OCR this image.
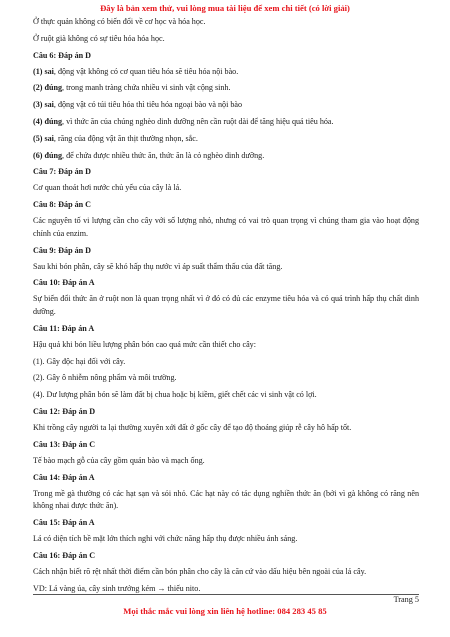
Đây là bản xem thử, vui lòng mua tài liệu để xem chi tiết (có lời giải)

Ở thực quản không có biến đổi về cơ học và hóa học.

Ở ruột già không có sự tiêu hóa hóa học.

Câu 6: Đáp án D

(1) sai, động vật không có cơ quan tiêu hóa sẽ tiêu hóa nội bào.

(2) đúng, trong manh tràng chứa nhiều vi sinh vật cộng sinh.

(3) sai, động vật có túi tiêu hóa thì tiêu hóa ngoại bào và nội bào

(4) đúng, vì thức ăn của chúng nghèo dinh dưỡng nên cần ruột dài để tăng hiệu quả tiêu hóa.

(5) sai, răng của động vật ăn thịt thường nhọn, sắc.

(6) đúng, để chứa được nhiều thức ăn, thức ăn là cỏ nghèo dinh dưỡng.

Câu 7: Đáp án D

Cơ quan thoát hơi nước chủ yếu của cây là lá.

Câu 8: Đáp án C

Các nguyên tố vi lượng cần cho cây với số lượng nhỏ, nhưng có vai trò quan trọng vì chúng tham gia vào hoạt động chính của enzim.

Câu 9: Đáp án D

Sau khi bón phân, cây sẽ khó hấp thụ nước vì áp suất thẩm thấu của đất tăng.

Câu 10: Đáp án A

Sự biến đổi thức ăn ở ruột non là quan trọng nhất vì ở đó có đủ các enzyme tiêu hóa và có quá trình hấp thụ chất dinh dưỡng.

Câu 11: Đáp án A

Hậu quả khi bón liều lượng phân bón cao quá mức cần thiết cho cây:

(1). Gây độc hại đối với cây.

(2). Gây ô nhiễm nông phẩm và môi trường.

(4). Dư lượng phân bón sẽ làm đất bị chua hoặc bị kiềm, giết chết các vi sinh vật có lợi.

Câu 12: Đáp án D

Khi trồng cây người ta lại thường xuyên xới đất ở gốc cây để tạo độ thoáng giúp rễ cây hô hấp tốt.

Câu 13: Đáp án C

Tế bào mạch gỗ của cây gồm quản bào và mạch ống.

Câu 14: Đáp án A

Trong mề gà thường có các hạt sạn và sỏi nhỏ. Các hạt này có tác dụng nghiền thức ăn (bởi vì gà không có răng nên không nhai được thức ăn).

Câu 15: Đáp án A

Lá có diện tích bề mặt lớn thích nghi với chức năng hấp thụ được nhiều ánh sáng.

Câu 16: Đáp án C

Cách nhận biết rõ rệt nhất thời điểm cần bón phân cho cây là căn cứ vào dấu hiệu bên ngoài của lá cây.

VD: Lá vàng úa, cây sinh trưởng kém → thiếu nito.

Trang 5
Mọi thắc mắc vui lòng xin liên hệ hotline: 084 283 45 85
